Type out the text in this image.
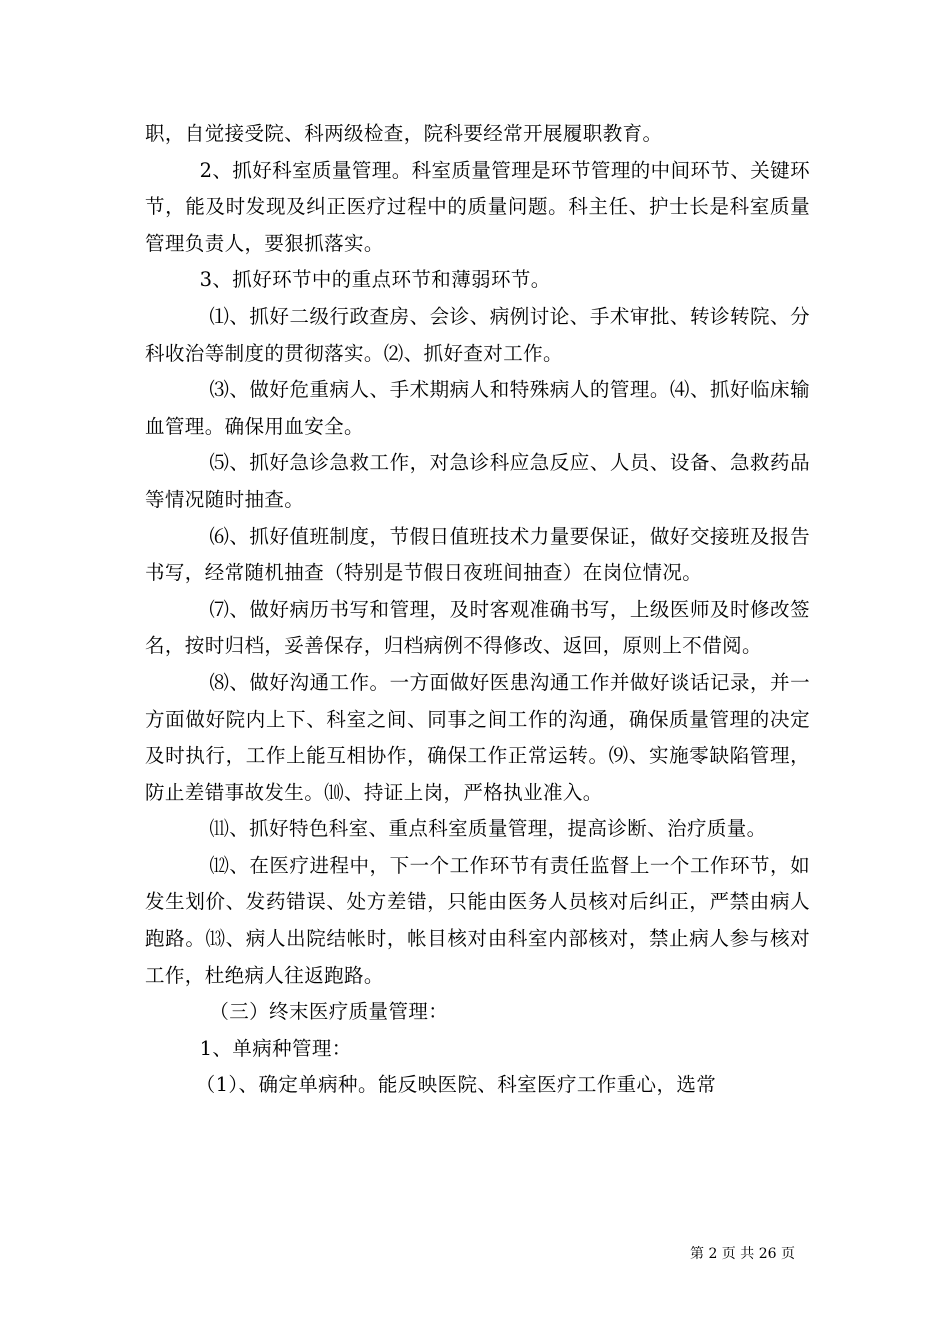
职，自觉接受院、科两级检查，院科要经常开展履职教育。

2、抓好科室质量管理。科室质量管理是环节管理的中间环节、关键环节，能及时发现及纠正医疗过程中的质量问题。科主任、护士长是科室质量管理负责人，要狠抓落实。

3、抓好环节中的重点环节和薄弱环节。

⑴、抓好二级行政查房、会诊、病例讨论、手术审批、转诊转院、分科收治等制度的贯彻落实。⑵、抓好查对工作。

⑶、做好危重病人、手术期病人和特殊病人的管理。⑷、抓好临床输血管理。确保用血安全。

⑸、抓好急诊急救工作，对急诊科应急反应、人员、设备、急救药品等情况随时抽查。

⑹、抓好值班制度，节假日值班技术力量要保证，做好交接班及报告书写，经常随机抽查（特别是节假日夜班间抽查）在岗位情况。

⑺、做好病历书写和管理，及时客观准确书写，上级医师及时修改签名，按时归档，妥善保存，归档病例不得修改、返回，原则上不借阅。

⑻、做好沟通工作。一方面做好医患沟通工作并做好谈话记录，并一方面做好院内上下、科室之间、同事之间工作的沟通，确保质量管理的决定及时执行，工作上能互相协作，确保工作正常运转。⑼、实施零缺陷管理，防止差错事故发生。⑽、持证上岗，严格执业准入。

⑾、抓好特色科室、重点科室质量管理，提高诊断、治疗质量。

⑿、在医疗进程中，下一个工作环节有责任监督上一个工作环节，如发生划价、发药错误、处方差错，只能由医务人员核对后纠正，严禁由病人跑路。⒀、病人出院结帐时，帐目核对由科室内部核对，禁止病人参与核对工作，杜绝病人往返跑路。

（三）终末医疗质量管理：

1、单病种管理：

（1）、确定单病种。能反映医院、科室医疗工作重心，选常

第 2 页 共 26 页
